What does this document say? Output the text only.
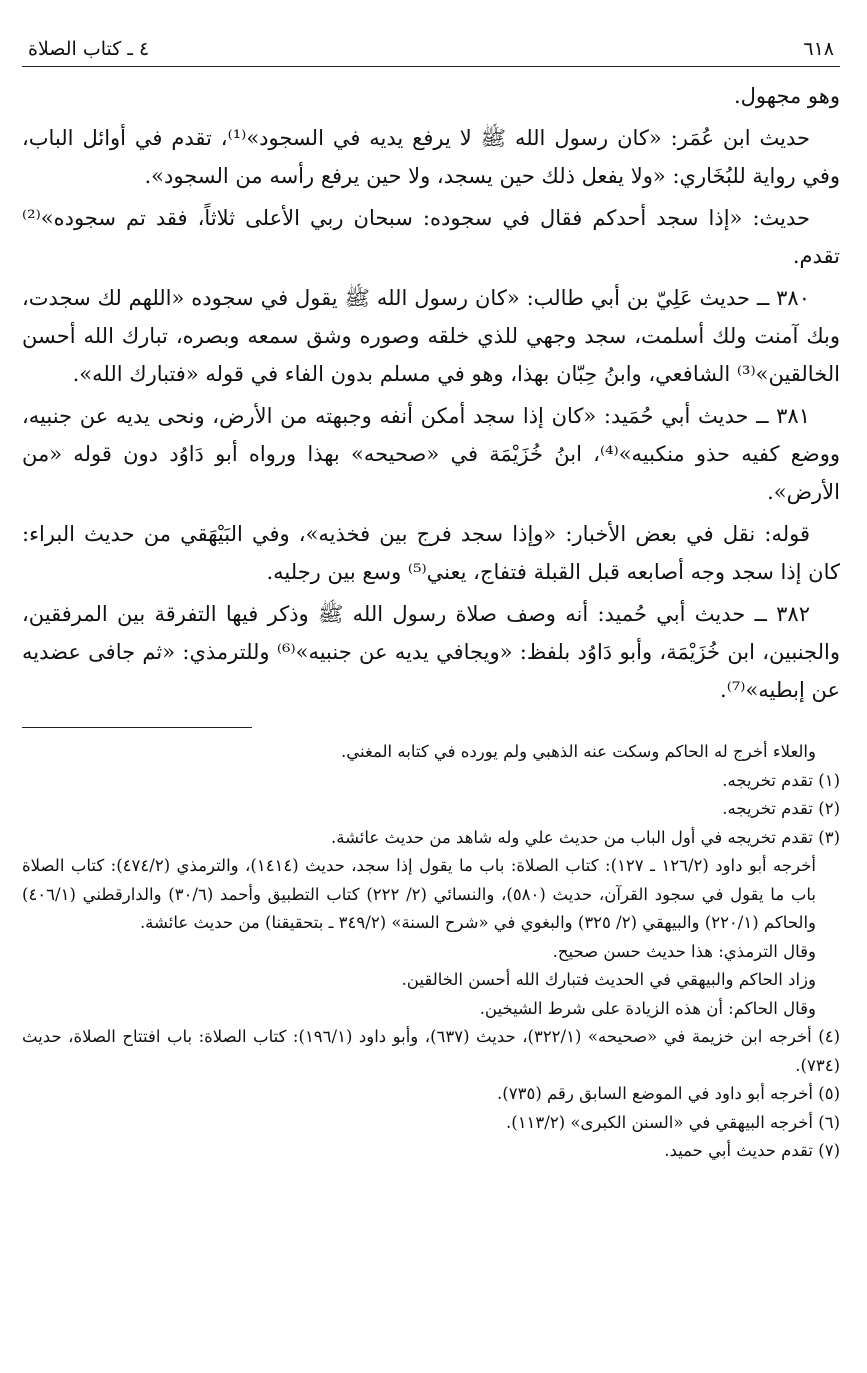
٦١٨
٤ ـ كتاب الصلاة

وهو مجهول.

حديث ابن عُمَر: «كان رسول الله ﷺ لا يرفع يديه في السجود»⁽¹⁾، تقدم في أوائل الباب، وفي رواية للبُخَاري: «ولا يفعل ذلك حين يسجد، ولا حين يرفع رأسه من السجود».

حديث: «إذا سجد أحدكم فقال في سجوده: سبحان ربي الأعلى ثلاثاً، فقد تم سجوده»⁽²⁾ تقدم.

٣٨٠ ــ حديث عَلِيّ بن أبي طالب: «كان رسول الله ﷺ يقول في سجوده «اللهم لك سجدت، وبك آمنت ولك أسلمت، سجد وجهي للذي خلقه وصوره وشق سمعه وبصره، تبارك الله أحسن الخالقين»⁽³⁾ الشافعي، وابنُ حِبّان بهذا، وهو في مسلم بدون الفاء في قوله «فتبارك الله».

٣٨١ ــ حديث أبي حُمَيد: «كان إذا سجد أمكن أنفه وجبهته من الأرض، ونحى يديه عن جنبيه، ووضع كفيه حذو منكبيه»⁽⁴⁾، ابنُ خُزَيْمَة في «صحيحه» بهذا ورواه أبو دَاوُد دون قوله «من الأرض».

قوله: نقل في بعض الأخبار: «وإذا سجد فرج بين فخذيه»، وفي البَيْهَقي من حديث البراء: كان إذا سجد وجه أصابعه قبل القبلة فتفاج، يعني⁽⁵⁾ وسع بين رجليه.

٣٨٢ ــ حديث أبي حُميد: أنه وصف صلاة رسول الله ﷺ وذكر فيها التفرقة بين المرفقين، والجنبين، ابن خُزَيْمَة، وأبو دَاوُد بلفظ: «ويجافي يديه عن جنبيه»⁽⁶⁾ وللترمذي: «ثم جافى عضديه عن إبطيه»⁽⁷⁾.

والعلاء أخرج له الحاكم وسكت عنه الذهبي ولم يورده في كتابه المغني.

(١) تقدم تخريجه.

(٢) تقدم تخريجه.

(٣) تقدم تخريجه في أول الباب من حديث علي وله شاهد من حديث عائشة.

أخرجه أبو داود (١٢٦/٢ ـ ١٢٧): كتاب الصلاة: باب ما يقول إذا سجد، حديث (١٤١٤)، والترمذي (٤٧٤/٢): كتاب الصلاة باب ما يقول في سجود القرآن، حديث (٥٨٠)، والنسائي (٢/ ٢٢٢) كتاب التطبيق وأحمد (٣٠/٦) والدارقطني (٤٠٦/١) والحاكم (٢٢٠/١) والبيهقي (٢/ ٣٢٥) والبغوي في «شرح السنة» (٣٤٩/٢ ـ بتحقيقنا) من حديث عائشة.

وقال الترمذي: هذا حديث حسن صحيح.

وزاد الحاكم والبيهقي في الحديث فتبارك الله أحسن الخالقين.

وقال الحاكم: أن هذه الزيادة على شرط الشيخين.

(٤) أخرجه ابن خزيمة في «صحيحه» (٣٢٢/١)، حديث (٦٣٧)، وأبو داود (١٩٦/١): كتاب الصلاة: باب افتتاح الصلاة، حديث (٧٣٤).

(٥) أخرجه أبو داود في الموضع السابق رقم (٧٣٥).

(٦) أخرجه البيهقي في «السنن الكبرى» (١١٣/٢).

(٧) تقدم حديث أبي حميد.
